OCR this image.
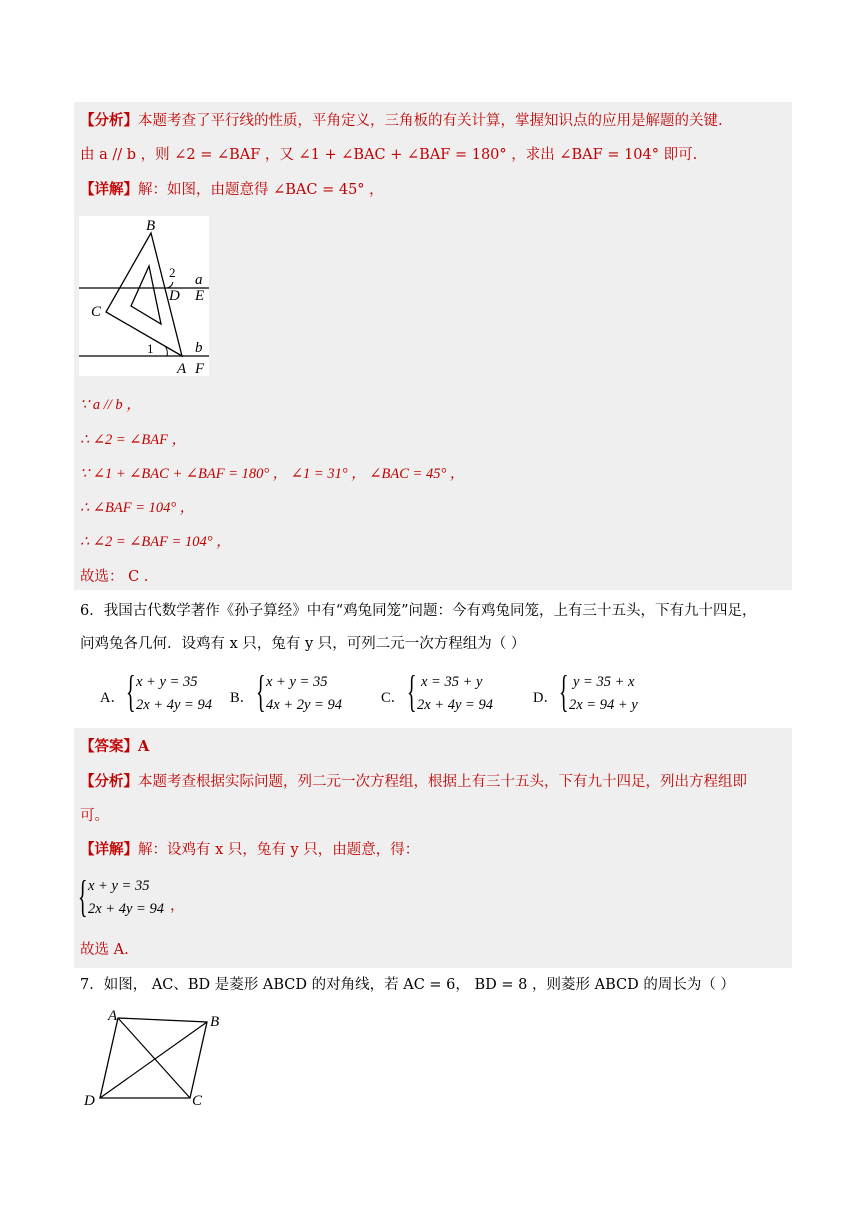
【分析】本题考查了平行线的性质，平角定义，三角板的有关计算，掌握知识点的应用是解题的关键.
由 a // b ，则 ∠2 = ∠BAF ，又 ∠1 + ∠BAC + ∠BAF = 180° ，求出 ∠BAF = 104° 即可.
【详解】解：如图，由题意得 ∠BAC = 45° ，
B
C
D
A
E
F
a
b
1
2
∵ a // b ，
∴ ∠2 = ∠BAF ，
∵ ∠1 + ∠BAC + ∠BAF = 180° ， ∠1 = 31° ， ∠BAC = 45° ，
∴ ∠BAF = 104° ，
∴ ∠2 = ∠BAF = 104° ，
故选： C .
6．我国古代数学著作《孙子算经》中有“鸡兔同笼”问题：今有鸡兔同笼，上有三十五头，下有九十四足，
问鸡兔各几何．设鸡有 x 只，兔有 y 只，可列二元一次方程组为（ ）
A． { x + y = 35
2x + 4y = 94 B． { x + y = 35
4x + 2y = 94	C． { x = 35 + y
2x + 4y = 94	D． { y = 35 + x
2x = 94 + y
【答案】A
【分析】本题考查根据实际问题，列二元一次方程组，根据上有三十五头，下有九十四足，列出方程组即
可。
【详解】解：设鸡有 x 只，兔有 y 只，由题意，得：
{ x + y = 35
2x + 4y = 94 ，
故选 A.
7．如图， AC、BD 是菱形 ABCD 的对角线，若 AC = 6， BD = 8 ，则菱形 ABCD 的周长为（ ）
A	B
C
D
